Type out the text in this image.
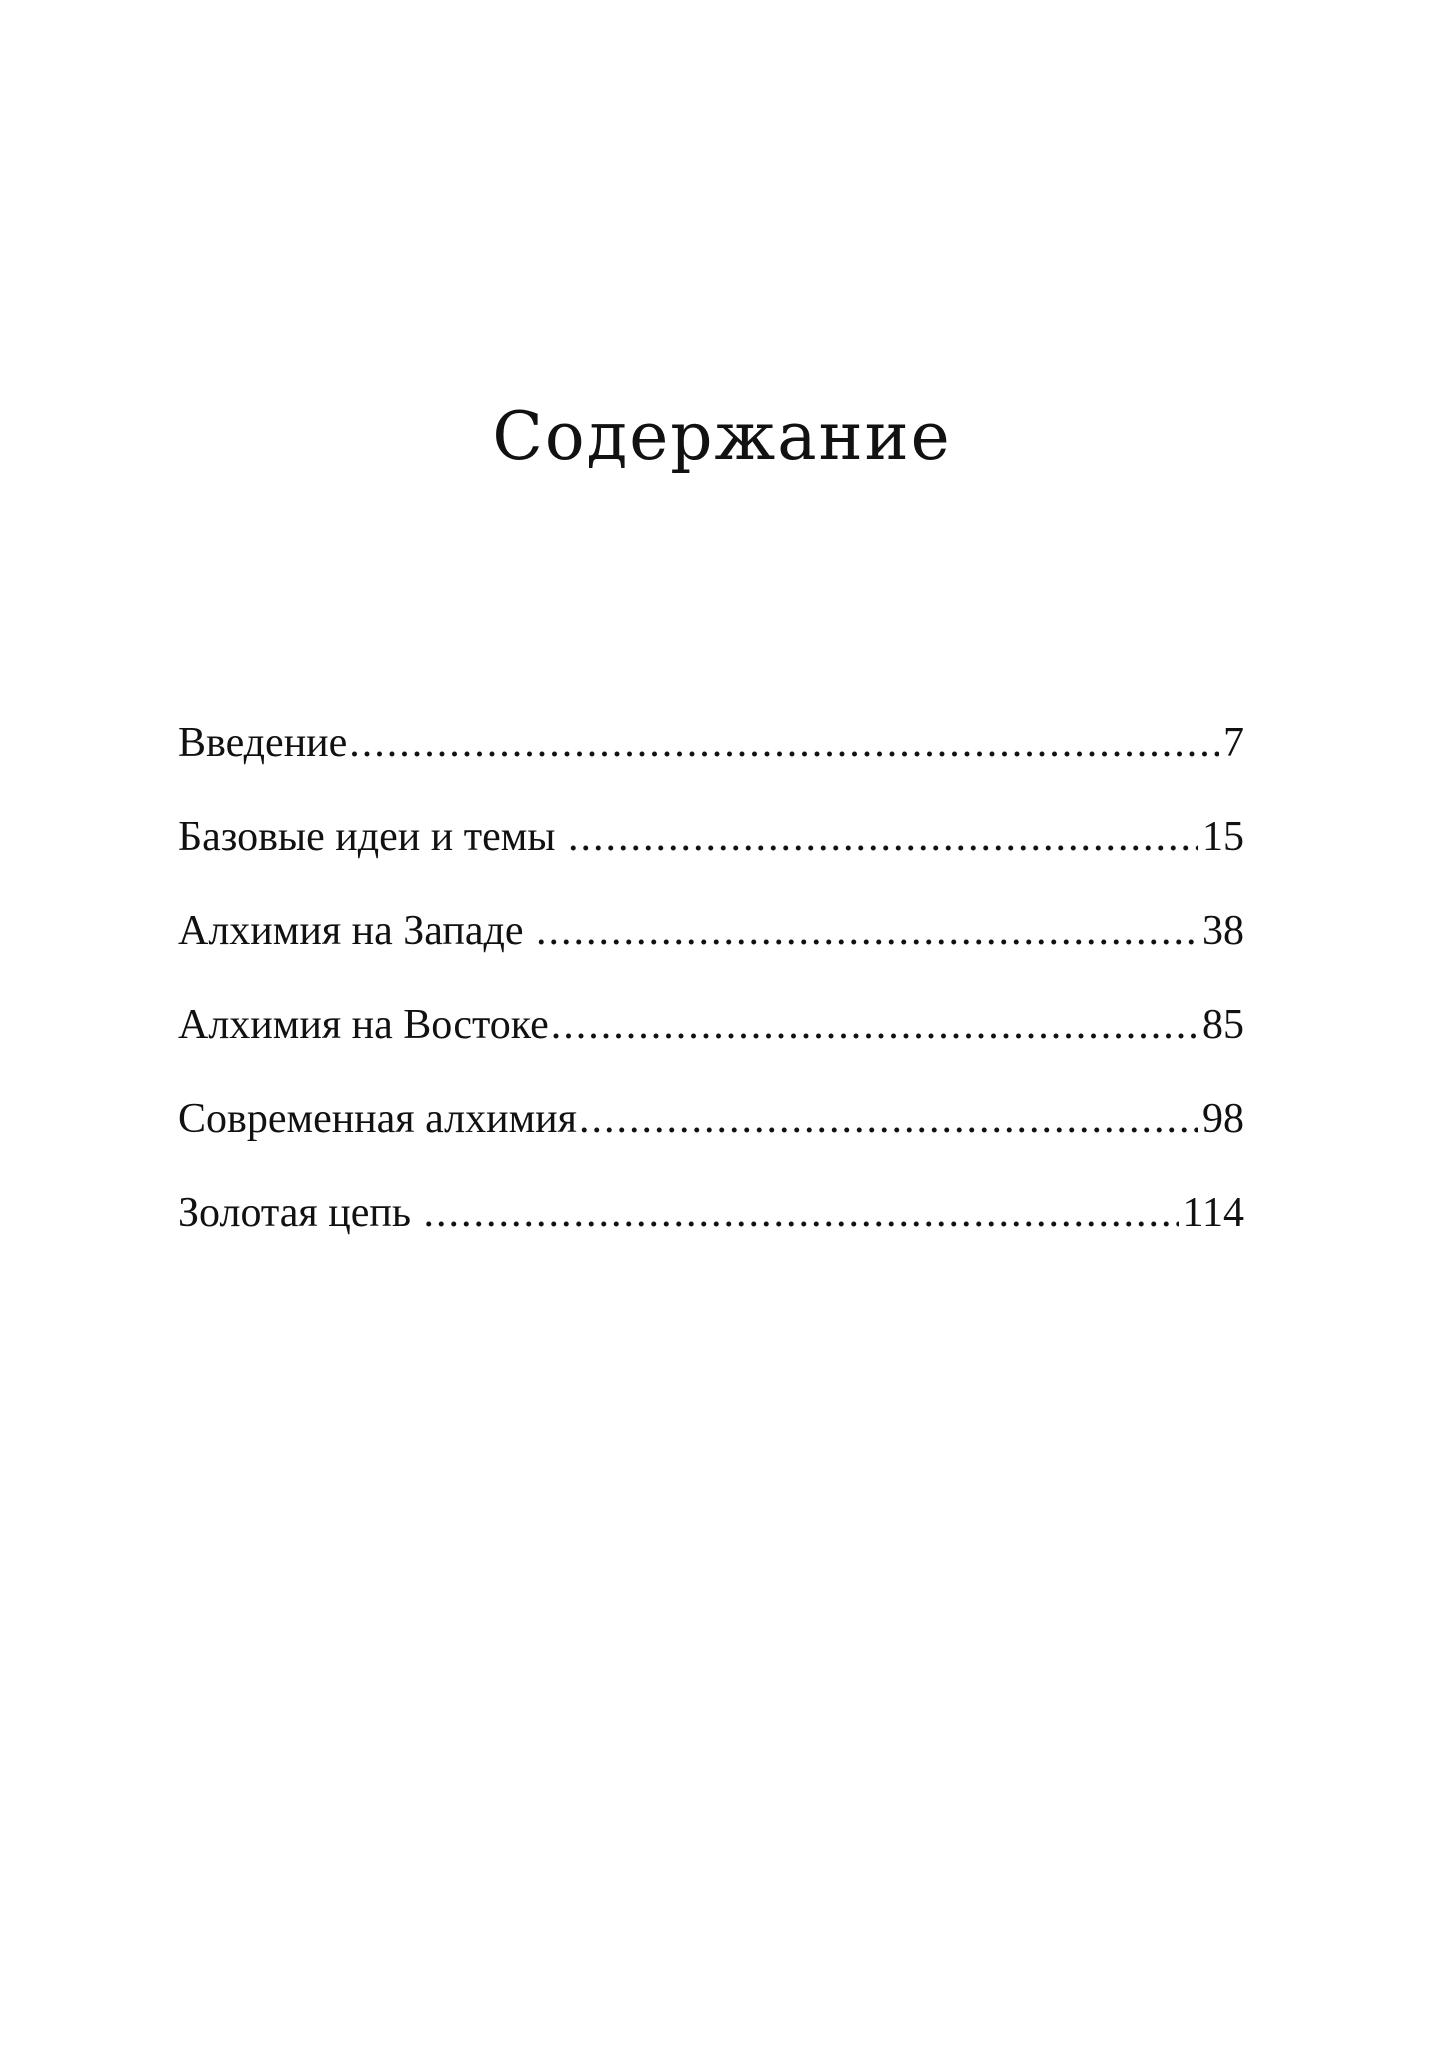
Содержание
Введение .....	7
Базовые идеи и темы .....	15
Алхимия на Западе .....	38
Алхимия на Востоке .....	85
Современная алхимия .....	98
Золотая цепь .....	114
